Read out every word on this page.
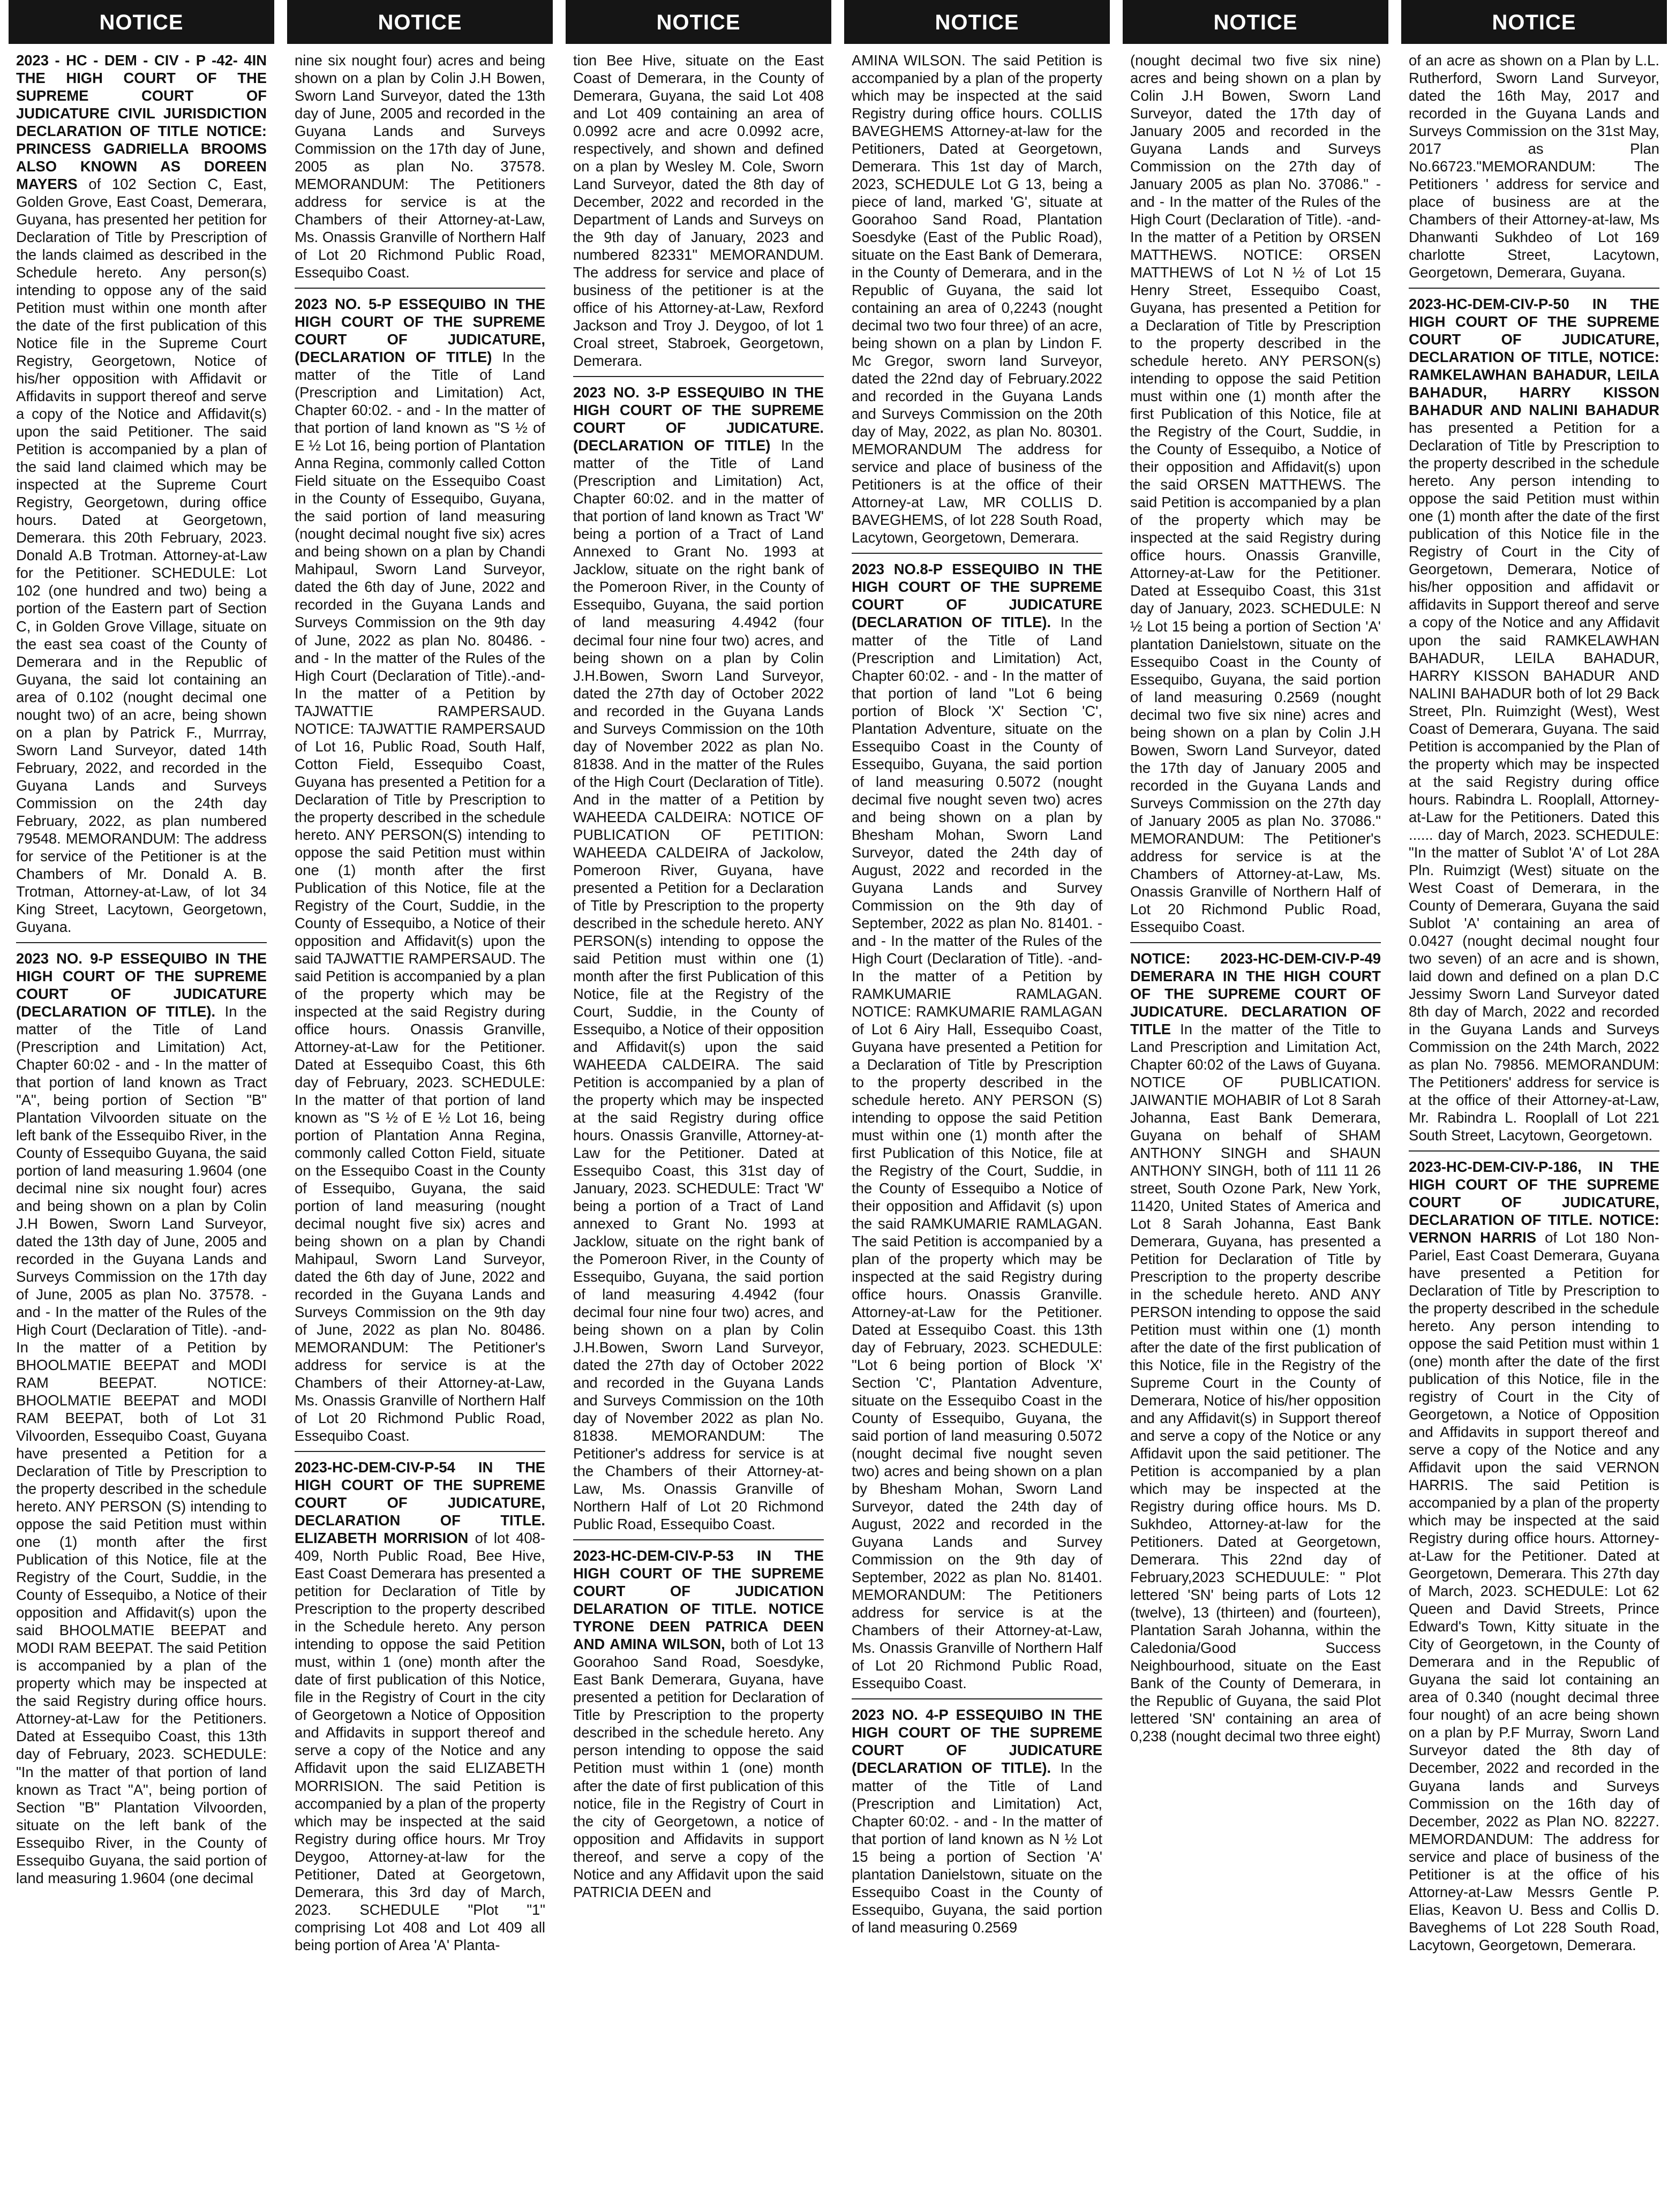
NOTICE

2023 - HC - DEM - CIV - P -42- 4IN THE HIGH COURT OF THE SUPREME COURT OF JUDICATURE CIVIL JURISDICTION DECLARATION OF TITLE NOTICE: PRINCESS GADRIELLA BROOMS ALSO KNOWN AS DOREEN MAYERS of 102 Section C, East, Golden Grove, East Coast, Demerara, Guyana, has presented her petition for Declaration of Title by Prescription of the lands claimed as described in the Schedule hereto. Any person(s) intending to oppose any of the said Petition must within one month after the date of the first publication of this Notice file in the Supreme Court Registry, Georgetown, Notice of his/her opposition with Affidavit or Affidavits in support thereof and serve a copy of the Notice and Affidavit(s) upon the said Petitioner. The said Petition is accompanied by a plan of the said land claimed which may be inspected at the Supreme Court Registry, Georgetown, during office hours. Dated at Georgetown, Demerara. this 20th February, 2023. Donald A.B Trotman. Attorney-at-Law for the Petitioner. SCHEDULE: Lot 102 (one hundred and two) being a portion of the Eastern part of Section C, in Golden Grove Village, situate on the east sea coast of the County of Demerara and in the Republic of Guyana, the said lot containing an area of 0.102 (nought decimal one nought two) of an acre, being shown on a plan by Patrick F., Murrray, Sworn Land Surveyor, dated 14th February, 2022, and recorded in the Guyana Lands and Surveys Commission on the 24th day February, 2022, as plan numbered 79548. MEMORANDUM: The address for service of the Petitioner is at the Chambers of Mr. Donald A. B. Trotman, Attorney-at-Law, of lot 34 King Street, Lacytown, Georgetown, Guyana.

2023 NO. 9-P ESSEQUIBO IN THE HIGH COURT OF THE SUPREME COURT OF JUDICATURE (DECLARATION OF TITLE). In the matter of the Title of Land (Prescription and Limitation) Act, Chapter 60:02 - and - In the matter of that portion of land known as Tract "A", being portion of Section "B" Plantation Vilvoorden situate on the left bank of the Essequibo River, in the County of Essequibo Guyana, the said portion of land measuring 1.9604 (one decimal nine six nought four) acres and being shown on a plan by Colin J.H Bowen, Sworn Land Surveyor, dated the 13th day of June, 2005 and recorded in the Guyana Lands and Surveys Commission on the 17th day of June, 2005 as plan No. 37578. - and - In the matter of the Rules of the High Court (Declaration of Title). -and- In the matter of a Petition by BHOOLMATIE BEEPAT and MODI RAM BEEPAT. NOTICE: BHOOLMATIE BEEPAT and MODI RAM BEEPAT, both of Lot 31 Vilvoorden, Essequibo Coast, Guyana have presented a Petition for a Declaration of Title by Prescription to the property described in the schedule hereto. ANY PERSON (S) intending to oppose the said Petition must within one (1) month after the first Publication of this Notice, file at the Registry of the Court, Suddie, in the County of Essequibo, a Notice of their opposition and Affidavit(s) upon the said BHOOLMATIE BEEPAT and MODI RAM BEEPAT. The said Petition is accompanied by a plan of the property which may be inspected at the said Registry during office hours. Attorney-at-Law for the Petitioners. Dated at Essequibo Coast, this 13th day of February, 2023. SCHEDULE: "In the matter of that portion of land known as Tract "A", being portion of Section "B" Plantation Vilvoorden, situate on the left bank of the Essequibo River, in the County of Essequibo Guyana, the said portion of land measuring 1.9604 (one decimal

NOTICE

nine six nought four) acres and being shown on a plan by Colin J.H Bowen, Sworn Land Surveyor, dated the 13th day of June, 2005 and recorded in the Guyana Lands and Surveys Commission on the 17th day of June, 2005 as plan No. 37578. MEMORANDUM: The Petitioners address for service is at the Chambers of their Attorney-at-Law, Ms. Onassis Granville of Northern Half of Lot 20 Richmond Public Road, Essequibo Coast.

2023 NO. 5-P ESSEQUIBO IN THE HIGH COURT OF THE SUPREME COURT OF JUDICATURE, (DECLARATION OF TITLE) In the matter of the Title of Land (Prescription and Limitation) Act, Chapter 60:02. - and - In the matter of that portion of land known as "S ½ of E ½ Lot 16, being portion of Plantation Anna Regina, commonly called Cotton Field situate on the Essequibo Coast in the County of Essequibo, Guyana, the said portion of land measuring (nought decimal nought five six) acres and being shown on a plan by Chandi Mahipaul, Sworn Land Surveyor, dated the 6th day of June, 2022 and recorded in the Guyana Lands and Surveys Commission on the 9th day of June, 2022 as plan No. 80486. - and - In the matter of the Rules of the High Court (Declaration of Title).-and- In the matter of a Petition by TAJWATTIE RAMPERSAUD. NOTICE: TAJWATTIE RAMPERSAUD of Lot 16, Public Road, South Half, Cotton Field, Essequibo Coast, Guyana has presented a Petition for a Declaration of Title by Prescription to the property described in the schedule hereto. ANY PERSON(S) intending to oppose the said Petition must within one (1) month after the first Publication of this Notice, file at the Registry of the Court, Suddie, in the County of Essequibo, a Notice of their opposition and Affidavit(s) upon the said TAJWATTIE RAMPERSAUD. The said Petition is accompanied by a plan of the property which may be inspected at the said Registry during office hours. Onassis Granville, Attorney-at-Law for the Petitioner. Dated at Essequibo Coast, this 6th day of February, 2023. SCHEDULE: In the matter of that portion of land known as "S ½ of E ½ Lot 16, being portion of Plantation Anna Regina, commonly called Cotton Field, situate on the Essequibo Coast in the County of Essequibo, Guyana, the said portion of land measuring (nought decimal nought five six) acres and being shown on a plan by Chandi Mahipaul, Sworn Land Surveyor, dated the 6th day of June, 2022 and recorded in the Guyana Lands and Surveys Commission on the 9th day of June, 2022 as plan No. 80486. MEMORANDUM: The Petitioner's address for service is at the Chambers of their Attorney-at-Law, Ms. Onassis Granville of Northern Half of Lot 20 Richmond Public Road, Essequibo Coast.

2023-HC-DEM-CIV-P-54 IN THE HIGH COURT OF THE SUPREME COURT OF JUDICATURE, DECLARATION OF TITLE. ELIZABETH MORRISION of lot 408-409, North Public Road, Bee Hive, East Coast Demerara has presented a petition for Declaration of Title by Prescription to the property described in the Schedule hereto. Any person intending to oppose the said Petition must, within 1 (one) month after the date of first publication of this Notice, file in the Registry of Court in the city of Georgetown a Notice of Opposition and Affidavits in support thereof and serve a copy of the Notice and any Affidavit upon the said ELIZABETH MORRISION. The said Petition is accompanied by a plan of the property which may be inspected at the said Registry during office hours. Mr Troy Deygoo, Attorney-at-law for the Petitioner, Dated at Georgetown, Demerara, this 3rd day of March, 2023. SCHEDULE "Plot "1" comprising Lot 408 and Lot 409 all being portion of Area 'A' Planta-

NOTICE

tion Bee Hive, situate on the East Coast of Demerara, in the County of Demerara, Guyana, the said Lot 408 and Lot 409 containing an area of 0.0992 acre and acre 0.0992 acre, respectively, and shown and defined on a plan by Wesley M. Cole, Sworn Land Surveyor, dated the 8th day of December, 2022 and recorded in the Department of Lands and Surveys on the 9th day of January, 2023 and numbered 82331" MEMORANDUM. The address for service and place of business of the petitioner is at the office of his Attorney-at-Law, Rexford Jackson and Troy J. Deygoo, of lot 1 Croal street, Stabroek, Georgetown, Demerara.

2023 NO. 3-P ESSEQUIBO IN THE HIGH COURT OF THE SUPREME COURT OF JUDICATURE. (DECLARATION OF TITLE) In the matter of the Title of Land (Prescription and Limitation) Act, Chapter 60:02. and in the matter of that portion of land known as Tract 'W' being a portion of a Tract of Land Annexed to Grant No. 1993 at Jacklow, situate on the right bank of the Pomeroon River, in the County of Essequibo, Guyana, the said portion of land measuring 4.4942 (four decimal four nine four two) acres, and being shown on a plan by Colin J.H.Bowen, Sworn Land Surveyor, dated the 27th day of October 2022 and recorded in the Guyana Lands and Surveys Commission on the 10th day of November 2022 as plan No. 81838. And in the matter of the Rules of the High Court (Declaration of Title). And in the matter of a Petition by WAHEEDA CALDEIRA: NOTICE OF PUBLICATION OF PETITION: WAHEEDA CALDEIRA of Jackolow, Pomeroon River, Guyana, have presented a Petition for a Declaration of Title by Prescription to the property described in the schedule hereto. ANY PERSON(s) intending to oppose the said Petition must within one (1) month after the first Publication of this Notice, file at the Registry of the Court, Suddie, in the County of Essequibo, a Notice of their opposition and Affidavit(s) upon the said WAHEEDA CALDEIRA. The said Petition is accompanied by a plan of the property which may be inspected at the said Registry during office hours. Onassis Granville, Attorney-at-Law for the Petitioner. Dated at Essequibo Coast, this 31st day of January, 2023. SCHEDULE: Tract 'W' being a portion of a Tract of Land annexed to Grant No. 1993 at Jacklow, situate on the right bank of the Pomeroon River, in the County of Essequibo, Guyana, the said portion of land measuring 4.4942 (four decimal four nine four two) acres, and being shown on a plan by Colin J.H.Bowen, Sworn Land Surveyor, dated the 27th day of October 2022 and recorded in the Guyana Lands and Surveys Commission on the 10th day of November 2022 as plan No. 81838. MEMORANDUM: The Petitioner's address for service is at the Chambers of their Attorney-at-Law, Ms. Onassis Granville of Northern Half of Lot 20 Richmond Public Road, Essequibo Coast.

2023-HC-DEM-CIV-P-53 IN THE HIGH COURT OF THE SUPREME COURT OF JUDICATION DELARATION OF TITLE. NOTICE TYRONE DEEN PATRICA DEEN AND AMINA WILSON, both of Lot 13 Goorahoo Sand Road, Soesdyke, East Bank Demerara, Guyana, have presented a petition for Declaration of Title by Prescription to the property described in the schedule hereto. Any person intending to oppose the said Petition must within 1 (one) month after the date of first publication of this notice, file in the Registry of Court in the city of Georgetown, a notice of opposition and Affidavits in support thereof, and serve a copy of the Notice and any Affidavit upon the said PATRICIA DEEN and

NOTICE

AMINA WILSON. The said Petition is accompanied by a plan of the property which may be inspected at the said Registry during office hours. COLLIS BAVEGHEMS Attorney-at-law for the Petitioners, Dated at Georgetown, Demerara. This 1st day of March, 2023, SCHEDULE Lot G 13, being a piece of land, marked 'G', situate at Goorahoo Sand Road, Plantation Soesdyke (East of the Public Road), situate on the East Bank of Demerara, in the County of Demerara, and in the Republic of Guyana, the said lot containing an area of 0,2243 (nought decimal two two four three) of an acre, being shown on a plan by Lindon F. Mc Gregor, sworn land Surveyor, dated the 22nd day of February.2022 and recorded in the Guyana Lands and Surveys Commission on the 20th day of May, 2022, as plan No. 80301. MEMORANDUM The address for service and place of business of the Petitioners is at the office of their Attorney-at Law, MR COLLIS D. BAVEGHEMS, of lot 228 South Road, Lacytown, Georgetown, Demerara.

2023 NO.8-P ESSEQUIBO IN THE HIGH COURT OF THE SUPREME COURT OF JUDICATURE (DECLARATION OF TITLE). In the matter of the Title of Land (Prescription and Limitation) Act, Chapter 60:02. - and - In the matter of that portion of land "Lot 6 being portion of Block 'X' Section 'C', Plantation Adventure, situate on the Essequibo Coast in the County of Essequibo, Guyana, the said portion of land measuring 0.5072 (nought decimal five nought seven two) acres and being shown on a plan by Bhesham Mohan, Sworn Land Surveyor, dated the 24th day of August, 2022 and recorded in the Guyana Lands and Survey Commission on the 9th day of September, 2022 as plan No. 81401. - and - In the matter of the Rules of the High Court (Declaration of Title). -and- In the matter of a Petition by RAMKUMARIE RAMLAGAN. NOTICE: RAMKUMARIE RAMLAGAN of Lot 6 Airy Hall, Essequibo Coast, Guyana have presented a Petition for a Declaration of Title by Prescription to the property described in the schedule hereto. ANY PERSON (S) intending to oppose the said Petition must within one (1) month after the first Publication of this Notice, file at the Registry of the Court, Suddie, in the County of Essequibo a Notice of their opposition and Affidavit (s) upon the said RAMKUMARIE RAMLAGAN. The said Petition is accompanied by a plan of the property which may be inspected at the said Registry during office hours. Onassis Granville. Attorney-at-Law for the Petitioner. Dated at Essequibo Coast. this 13th day of February, 2023. SCHEDULE: "Lot 6 being portion of Block 'X' Section 'C', Plantation Adventure, situate on the Essequibo Coast in the County of Essequibo, Guyana, the said portion of land measuring 0.5072 (nought decimal five nought seven two) acres and being shown on a plan by Bhesham Mohan, Sworn Land Surveyor, dated the 24th day of August, 2022 and recorded in the Guyana Lands and Survey Commission on the 9th day of September, 2022 as plan No. 81401. MEMORANDUM: The Petitioners address for service is at the Chambers of their Attorney-at-Law, Ms. Onassis Granville of Northern Half of Lot 20 Richmond Public Road, Essequibo Coast.

2023 NO. 4-P ESSEQUIBO IN THE HIGH COURT OF THE SUPREME COURT OF JUDICATURE (DECLARATION OF TITLE). In the matter of the Title of Land (Prescription and Limitation) Act, Chapter 60:02. - and - In the matter of that portion of land known as N ½ Lot 15 being a portion of Section 'A' plantation Danielstown, situate on the Essequibo Coast in the County of Essequibo, Guyana, the said portion of land measuring 0.2569

NOTICE

(nought decimal two five six nine) acres and being shown on a plan by Colin J.H Bowen, Sworn Land Surveyor, dated the 17th day of January 2005 and recorded in the Guyana Lands and Surveys Commission on the 27th day of January 2005 as plan No. 37086." - and - In the matter of the Rules of the High Court (Declaration of Title). -and- In the matter of a Petition by ORSEN MATTHEWS. NOTICE: ORSEN MATTHEWS of Lot N ½ of Lot 15 Henry Street, Essequibo Coast, Guyana, has presented a Petition for a Declaration of Title by Prescription to the property described in the schedule hereto. ANY PERSON(s) intending to oppose the said Petition must within one (1) month after the first Publication of this Notice, file at the Registry of the Court, Suddie, in the County of Essequibo, a Notice of their opposition and Affidavit(s) upon the said ORSEN MATTHEWS. The said Petition is accompanied by a plan of the property which may be inspected at the said Registry during office hours. Onassis Granville, Attorney-at-Law for the Petitioner. Dated at Essequibo Coast, this 31st day of January, 2023. SCHEDULE: N ½ Lot 15 being a portion of Section 'A' plantation Danielstown, situate on the Essequibo Coast in the County of Essequibo, Guyana, the said portion of land measuring 0.2569 (nought decimal two five six nine) acres and being shown on a plan by Colin J.H Bowen, Sworn Land Surveyor, dated the 17th day of January 2005 and recorded in the Guyana Lands and Surveys Commission on the 27th day of January 2005 as plan No. 37086." MEMORANDUM: The Petitioner's address for service is at the Chambers of Attorney-at-Law, Ms. Onassis Granville of Northern Half of Lot 20 Richmond Public Road, Essequibo Coast.

NOTICE: 2023-HC-DEM-CIV-P-49 DEMERARA IN THE HIGH COURT OF THE SUPREME COURT OF JUDICATURE. DECLARATION OF TITLE In the matter of the Title to Land Prescription and Limitation Act, Chapter 60:02 of the Laws of Guyana. NOTICE OF PUBLICATION. JAIWANTIE MOHABIR of Lot 8 Sarah Johanna, East Bank Demerara, Guyana on behalf of SHAM ANTHONY SINGH and SHAUN ANTHONY SINGH, both of 111 11 26 street, South Ozone Park, New York, 11420, United States of America and Lot 8 Sarah Johanna, East Bank Demerara, Guyana, has presented a Petition for Declaration of Title by Prescription to the property describe in the schedule hereto. AND ANY PERSON intending to oppose the said Petition must within one (1) month after the date of the first publication of this Notice, file in the Registry of the Supreme Court in the County of Demerara, Notice of his/her opposition and any Affidavit(s) in Support thereof and serve a copy of the Notice or any Affidavit upon the said petitioner. The Petition is accompanied by a plan which may be inspected at the Registry during office hours. Ms D. Sukhdeo, Attorney-at-law for the Petitioners. Dated at Georgetown, Demerara. This 22nd day of February,2023 SCHEDUULE: " Plot lettered 'SN' being parts of Lots 12 (twelve), 13 (thirteen) and (fourteen), Plantation Sarah Johanna, within the Caledonia/Good Success Neighbourhood, situate on the East Bank of the County of Demerara, in the Republic of Guyana, the said Plot lettered 'SN' containing an area of 0,238 (nought decimal two three eight)

NOTICE

of an acre as shown on a Plan by L.L. Rutherford, Sworn Land Surveyor, dated the 16th May, 2017 and recorded in the Guyana Lands and Surveys Commission on the 31st May, 2017 as Plan No.66723."MEMORANDUM: The Petitioners ' address for service and place of business are at the Chambers of their Attorney-at-law, Ms Dhanwanti Sukhdeo of Lot 169 charlotte Street, Lacytown, Georgetown, Demerara, Guyana.

2023-HC-DEM-CIV-P-50 IN THE HIGH COURT OF THE SUPREME COURT OF JUDICATURE, DECLARATION OF TITLE, NOTICE: RAMKELAWHAN BAHADUR, LEILA BAHADUR, HARRY KISSON BAHADUR AND NALINI BAHADUR has presented a Petition for a Declaration of Title by Prescription to the property described in the schedule hereto. Any person intending to oppose the said Petition must within one (1) month after the date of the first publication of this Notice file in the Registry of Court in the City of Georgetown, Demerara, Notice of his/her opposition and affidavit or affidavits in Support thereof and serve a copy of the Notice and any Affidavit upon the said RAMKELAWHAN BAHADUR, LEILA BAHADUR, HARRY KISSON BAHADUR AND NALINI BAHADUR both of lot 29 Back Street, Pln. Ruimzight (West), West Coast of Demerara, Guyana. The said Petition is accompanied by the Plan of the property which may be inspected at the said Registry during office hours. Rabindra L. Rooplall, Attorney-at-Law for the Petitioners. Dated this ...... day of March, 2023. SCHEDULE: "In the matter of Sublot 'A' of Lot 28A Pln. Ruimzigt (West) situate on the West Coast of Demerara, in the County of Demerara, Guyana the said Sublot 'A' containing an area of 0.0427 (nought decimal nought four two seven) of an acre and is shown, laid down and defined on a plan D.C Jessimy Sworn Land Surveyor dated 8th day of March, 2022 and recorded in the Guyana Lands and Surveys Commission on the 24th March, 2022 as plan No. 79856. MEMORANDUM: The Petitioners' address for service is at the office of their Attorney-at-Law, Mr. Rabindra L. Rooplall of Lot 221 South Street, Lacytown, Georgetown.

2023-HC-DEM-CIV-P-186, IN THE HIGH COURT OF THE SUPREME COURT OF JUDICATURE, DECLARATION OF TITLE. NOTICE: VERNON HARRIS of Lot 180 Non-Pariel, East Coast Demerara, Guyana have presented a Petition for Declaration of Title by Prescription to the property described in the schedule hereto. Any person intending to oppose the said Petition must within 1 (one) month after the date of the first publication of this Notice, file in the registry of Court in the City of Georgetown, a Notice of Opposition and Affidavits in support thereof and serve a copy of the Notice and any Affidavit upon the said VERNON HARRIS. The said Petition is accompanied by a plan of the property which may be inspected at the said Registry during office hours. Attorney-at-Law for the Petitioner. Dated at Georgetown, Demerara. This 27th day of March, 2023. SCHEDULE: Lot 62 Queen and David Streets, Prince Edward's Town, Kitty situate in the City of Georgetown, in the County of Demerara and in the Republic of Guyana the said lot containing an area of 0.340 (nought decimal three four nought) of an acre being shown on a plan by P.F Murray, Sworn Land Surveyor dated the 8th day of December, 2022 and recorded in the Guyana lands and Surveys Commission on the 16th day of December, 2022 as Plan NO. 82227. MEMORDANDUM: The address for service and place of business of the Petitioner is at the office of his Attorney-at-Law Messrs Gentle P. Elias, Keavon U. Bess and Collis D. Baveghems of Lot 228 South Road, Lacytown, Georgetown, Demerara.
